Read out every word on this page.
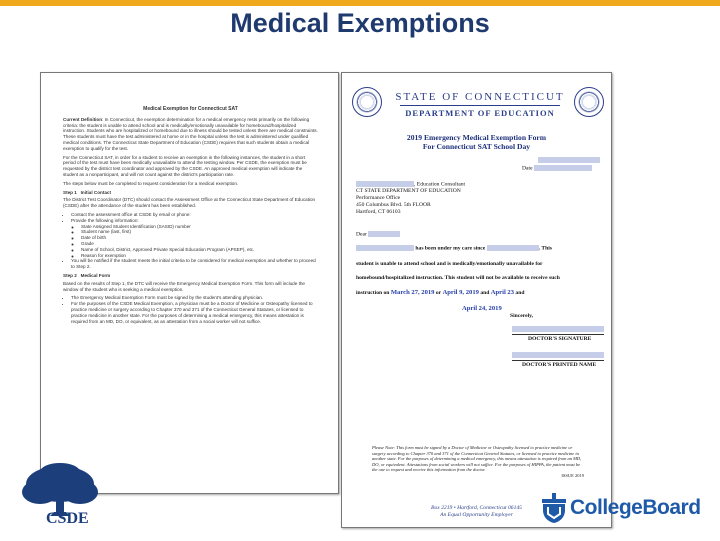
Medical Exemptions
Medical Exemption for Connecticut SAT

Current Definition: In Connecticut, the exemption determination for a medical emergency rests primarily on the following criteria: the student is unable to attend school and is medically/emotionally unavailable for homebound/hospitalized instruction. Students who are hospitalized or homebound due to illness should be tested unless there are medical constraints. These students must have the test administered at home or in the hospital unless the test is administered under qualified medical conditions. The Connecticut State Department of Education (CSDE) requires that such students obtain a medical exemption to qualify for the test.

For the Connecticut SAT, in order for a student to receive an exemption in the following instances, the student in a short period of the test must have been medically unavailable to attend the testing window. Per CSDE, the exemption must be requested by the district test coordinator and approved by the CSDE. An approved medical exemption will indicate the student as a nonparticipant, and will not count against the district's participation rate.

The steps below must be completed to request consideration for a medical exemption.

Step 1 Initial Contact

The District Test Coordinator (DTC) should contact the Assessment Office at the Connecticut State Department of Education (CSDE) after the attendance of the student has been established.

• Contact the assessment office at CSDE by email or phone:
• Provide the following information:
◦ State Assigned Student Identification (SASID) number
◦ Student name (last, first)
◦ Date of birth
◦ Grade
◦ Name of School, District, Approved Private Special Education Program (APSEP), etc.
◦ Reason for exemption
• You will be notified if the student meets the initial criteria to be considered for medical exemption and whether to proceed to Step 2.
Step 2 Medical Form

Based on the results of Step 1, the DTC will receive the Emergency Medical Exemption Form. This form will include the window of the student who is seeking a medical exemption.

• The Emergency Medical Exemption Form must be signed by the student's attending physician.
• For the purposes of the CSDE Medical Exemption, a physician must be a Doctor of Medicine or Osteopathy licensed to practice medicine or surgery according to Chapter 370 and 371 of the Connecticut General Statutes, or licensed to practice medicine in another state. For the purposes of determining a medical emergency, this means attestation is required from an MD, DO, or equivalent, as an attestation from a social worker will not suffice.
STATE OF CONNECTICUT
DEPARTMENT OF EDUCATION
2019 Emergency Medical Exemption Form
For Connecticut SAT School Day
Date
, Education Consultant
CT STATE DEPARTMENT OF EDUCATION
Performance Office
450 Columbus Blvd. 5th FLOOR
Hartford, CT 06103
Dear
has been under my care since	. This
student is unable to attend school and is medically/emotionally unavailable for
homebound/hospitalized instruction. This student will not be available to receive such
instruction on March 27, 2019 or April 9, 2019 and April 23 and
April 24, 2019
Sincerely,
DOCTOR'S SIGNATURE
DOCTOR'S PRINTED NAME
Please Note: This form must be signed by a Doctor of Medicine or Osteopathy licensed to practice medicine or surgery according to Chapter 370 and 371 of the Connecticut General Statutes, or licensed to practice medicine in another state. For the purposes of determining a medical emergency, this means attestation is required from an MD, DO, or equivalent. Attestations from social workers will not suffice. For the purposes of HIPPA, the patient must be the one to request and receive this information from the doctor.
ISSUE 2019
Box 2219 • Hartford, Connecticut 06145
An Equal Opportunity Employer
CSDE	CollegeBoard
